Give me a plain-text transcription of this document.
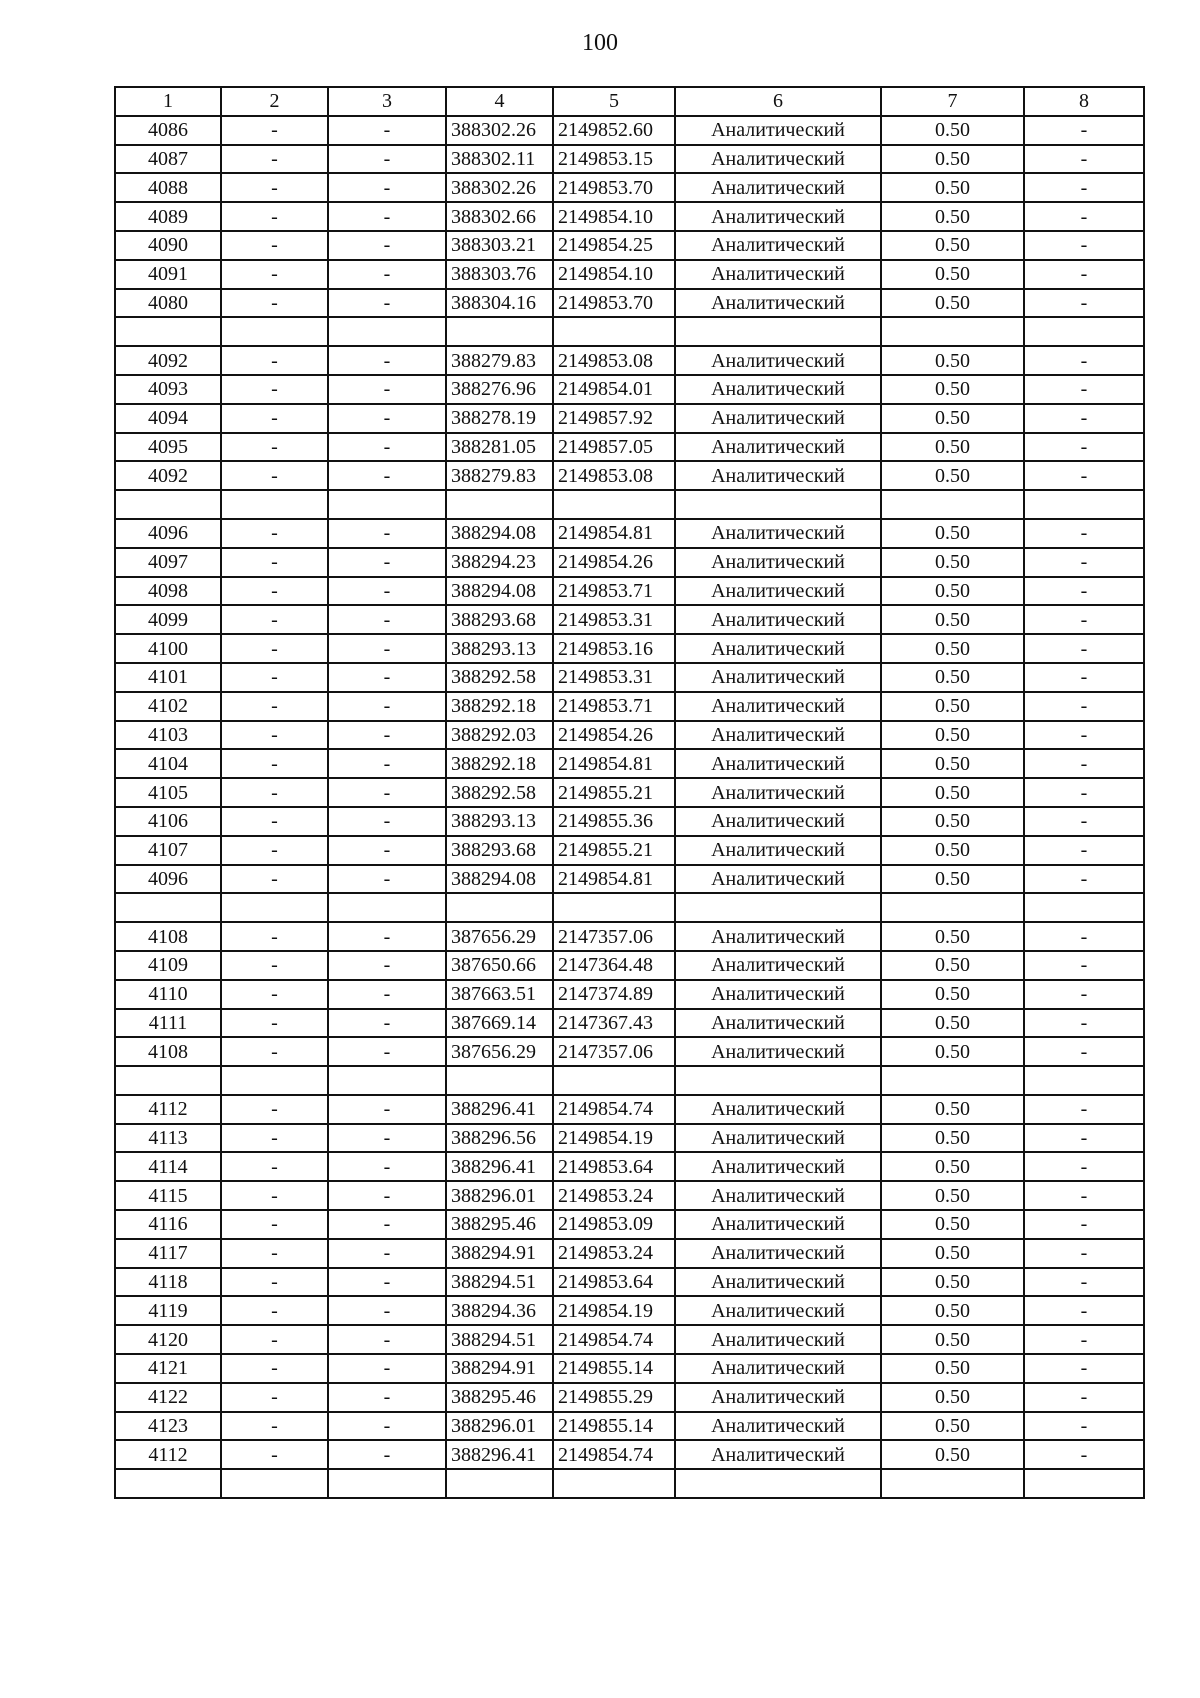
100
1	2	3	4	5	6	7	8
4086	-	-	388302.26	2149852.60	Аналитический	0.50	-
4087	-	-	388302.11	2149853.15	Аналитический	0.50	-
4088	-	-	388302.26	2149853.70	Аналитический	0.50	-
4089	-	-	388302.66	2149854.10	Аналитический	0.50	-
4090	-	-	388303.21	2149854.25	Аналитический	0.50	-
4091	-	-	388303.76	2149854.10	Аналитический	0.50	-
4080	-	-	388304.16	2149853.70	Аналитический	0.50	-

4092	-	-	388279.83	2149853.08	Аналитический	0.50	-
4093	-	-	388276.96	2149854.01	Аналитический	0.50	-
4094	-	-	388278.19	2149857.92	Аналитический	0.50	-
4095	-	-	388281.05	2149857.05	Аналитический	0.50	-
4092	-	-	388279.83	2149853.08	Аналитический	0.50	-

4096	-	-	388294.08	2149854.81	Аналитический	0.50	-
4097	-	-	388294.23	2149854.26	Аналитический	0.50	-
4098	-	-	388294.08	2149853.71	Аналитический	0.50	-
4099	-	-	388293.68	2149853.31	Аналитический	0.50	-
4100	-	-	388293.13	2149853.16	Аналитический	0.50	-
4101	-	-	388292.58	2149853.31	Аналитический	0.50	-
4102	-	-	388292.18	2149853.71	Аналитический	0.50	-
4103	-	-	388292.03	2149854.26	Аналитический	0.50	-
4104	-	-	388292.18	2149854.81	Аналитический	0.50	-
4105	-	-	388292.58	2149855.21	Аналитический	0.50	-
4106	-	-	388293.13	2149855.36	Аналитический	0.50	-
4107	-	-	388293.68	2149855.21	Аналитический	0.50	-
4096	-	-	388294.08	2149854.81	Аналитический	0.50	-

4108	-	-	387656.29	2147357.06	Аналитический	0.50	-
4109	-	-	387650.66	2147364.48	Аналитический	0.50	-
4110	-	-	387663.51	2147374.89	Аналитический	0.50	-
4111	-	-	387669.14	2147367.43	Аналитический	0.50	-
4108	-	-	387656.29	2147357.06	Аналитический	0.50	-

4112	-	-	388296.41	2149854.74	Аналитический	0.50	-
4113	-	-	388296.56	2149854.19	Аналитический	0.50	-
4114	-	-	388296.41	2149853.64	Аналитический	0.50	-
4115	-	-	388296.01	2149853.24	Аналитический	0.50	-
4116	-	-	388295.46	2149853.09	Аналитический	0.50	-
4117	-	-	388294.91	2149853.24	Аналитический	0.50	-
4118	-	-	388294.51	2149853.64	Аналитический	0.50	-
4119	-	-	388294.36	2149854.19	Аналитический	0.50	-
4120	-	-	388294.51	2149854.74	Аналитический	0.50	-
4121	-	-	388294.91	2149855.14	Аналитический	0.50	-
4122	-	-	388295.46	2149855.29	Аналитический	0.50	-
4123	-	-	388296.01	2149855.14	Аналитический	0.50	-
4112	-	-	388296.41	2149854.74	Аналитический	0.50	-
